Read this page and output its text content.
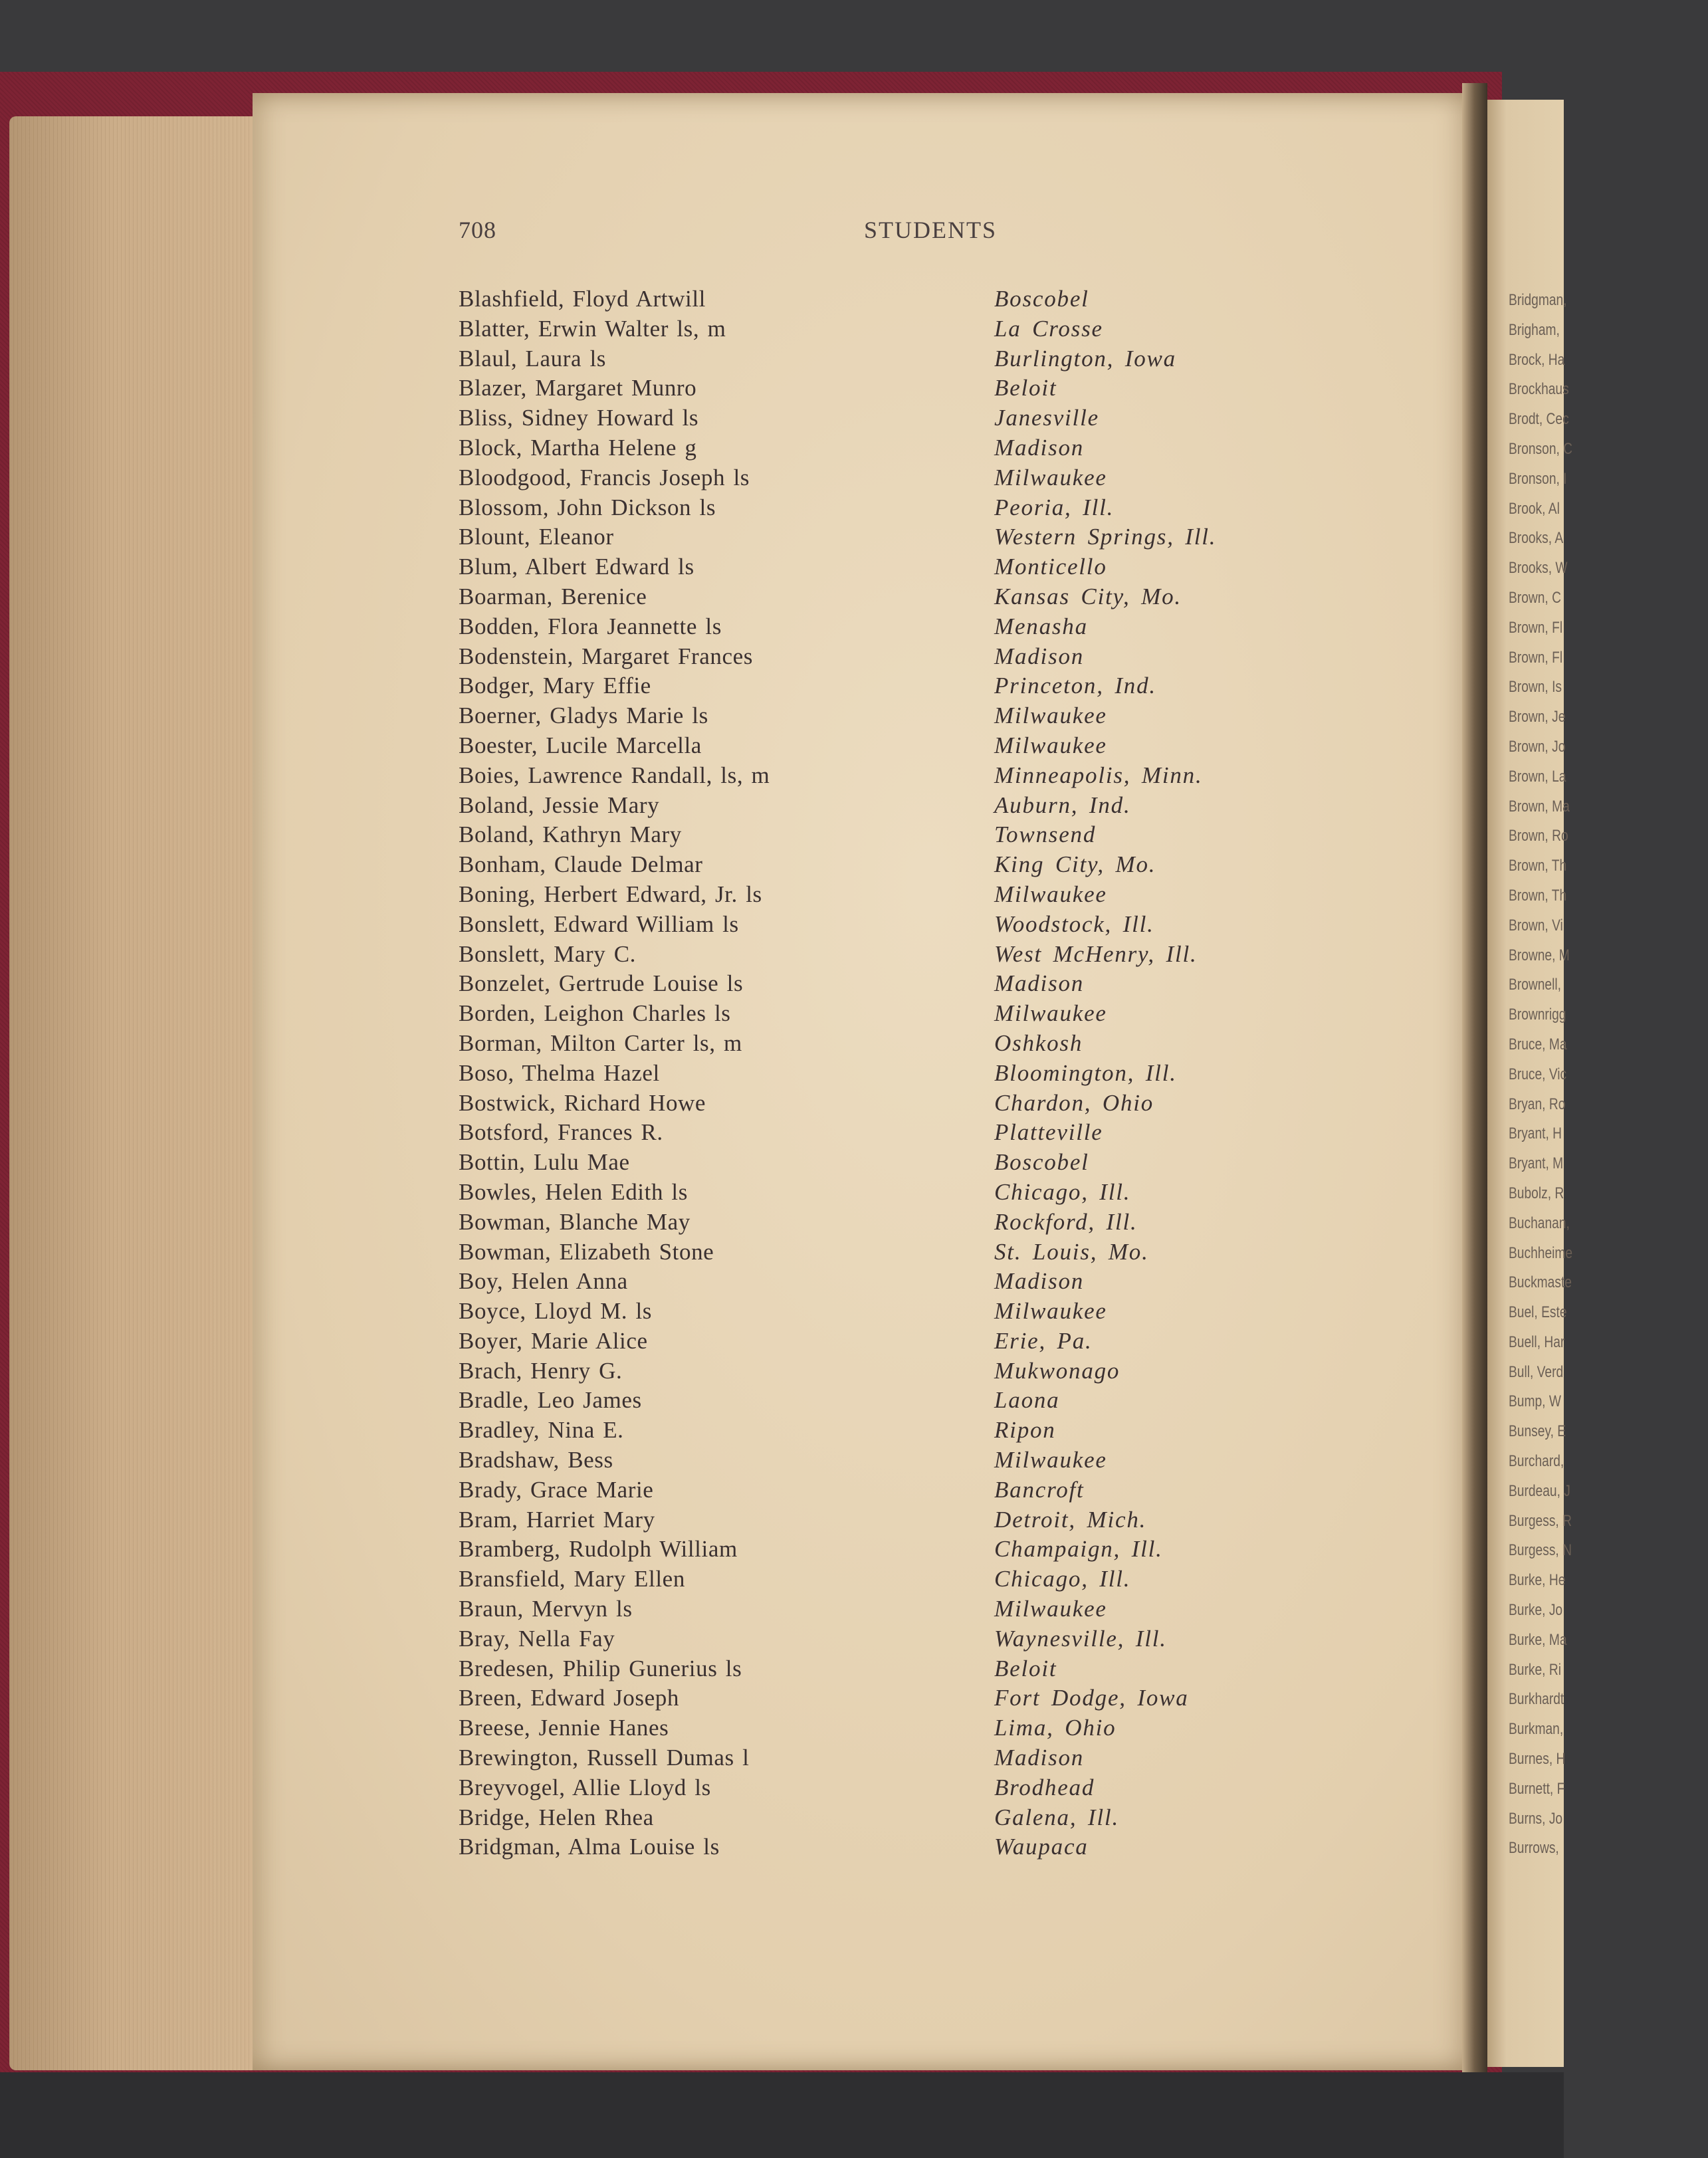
708	STUDENTS
Blashfield, Floyd Artwill	Boscobel
Blatter, Erwin Walter ls, m	La Crosse
Blaul, Laura ls	Burlington, Iowa
Blazer, Margaret Munro	Beloit
Bliss, Sidney Howard ls	Janesville
Block, Martha Helene g	Madison
Bloodgood, Francis Joseph ls	Milwaukee
Blossom, John Dickson ls	Peoria, Ill.
Blount, Eleanor	Western Springs, Ill.
Blum, Albert Edward ls	Monticello
Boarman, Berenice	Kansas City, Mo.
Bodden, Flora Jeannette ls	Menasha
Bodenstein, Margaret Frances	Madison
Bodger, Mary Effie	Princeton, Ind.
Boerner, Gladys Marie ls	Milwaukee
Boester, Lucile Marcella	Milwaukee
Boies, Lawrence Randall, ls, m	Minneapolis, Minn.
Boland, Jessie Mary	Auburn, Ind.
Boland, Kathryn Mary	Townsend
Bonham, Claude Delmar	King City, Mo.
Boning, Herbert Edward, Jr. ls	Milwaukee
Bonslett, Edward William ls	Woodstock, Ill.
Bonslett, Mary C.	West McHenry, Ill.
Bonzelet, Gertrude Louise ls	Madison
Borden, Leighon Charles ls	Milwaukee
Borman, Milton Carter ls, m	Oshkosh
Boso, Thelma Hazel	Bloomington, Ill.
Bostwick, Richard Howe	Chardon, Ohio
Botsford, Frances R.	Platteville
Bottin, Lulu Mae	Boscobel
Bowles, Helen Edith ls	Chicago, Ill.
Bowman, Blanche May	Rockford, Ill.
Bowman, Elizabeth Stone	St. Louis, Mo.
Boy, Helen Anna	Madison
Boyce, Lloyd M. ls	Milwaukee
Boyer, Marie Alice	Erie, Pa.
Brach, Henry G.	Mukwonago
Bradle, Leo James	Laona
Bradley, Nina E.	Ripon
Bradshaw, Bess	Milwaukee
Brady, Grace Marie	Bancroft
Bram, Harriet Mary	Detroit, Mich.
Bramberg, Rudolph William	Champaign, Ill.
Bransfield, Mary Ellen	Chicago, Ill.
Braun, Mervyn ls	Milwaukee
Bray, Nella Fay	Waynesville, Ill.
Bredesen, Philip Gunerius ls	Beloit
Breen, Edward Joseph	Fort Dodge, Iowa
Breese, Jennie Hanes	Lima, Ohio
Brewington, Russell Dumas l	Madison
Breyvogel, Allie Lloyd ls	Brodhead
Bridge, Helen Rhea	Galena, Ill.
Bridgman, Alma Louise ls	Waupaca
Bridgman,
Brigham,
Brock, Ha
Brockhaus
Brodt, Cec
Bronson, C
Bronson, I
Brook, Al
Brooks, A
Brooks, W
Brown, C
Brown, Fl
Brown, Fl
Brown, Is
Brown, Je
Brown, Jo
Brown, La
Brown, Ma
Brown, Ro
Brown, Th
Brown, Th
Brown, Vi
Browne, M
Brownell,
Brownrigg
Bruce, Ma
Bruce, Vic
Bryan, Ro
Bryant, H
Bryant, M
Bubolz, R
Buchanan,
Buchheime
Buckmaste
Buel, Este
Buell, Har
Bull, Verd
Bump, W
Bunsey, E
Burchard,
Burdeau, J
Burgess, R
Burgess, N
Burke, He
Burke, Jo
Burke, Ma
Burke, Ri
Burkhardt
Burkman,
Burnes, H
Burnett, F
Burns, Jo
Burrows,
